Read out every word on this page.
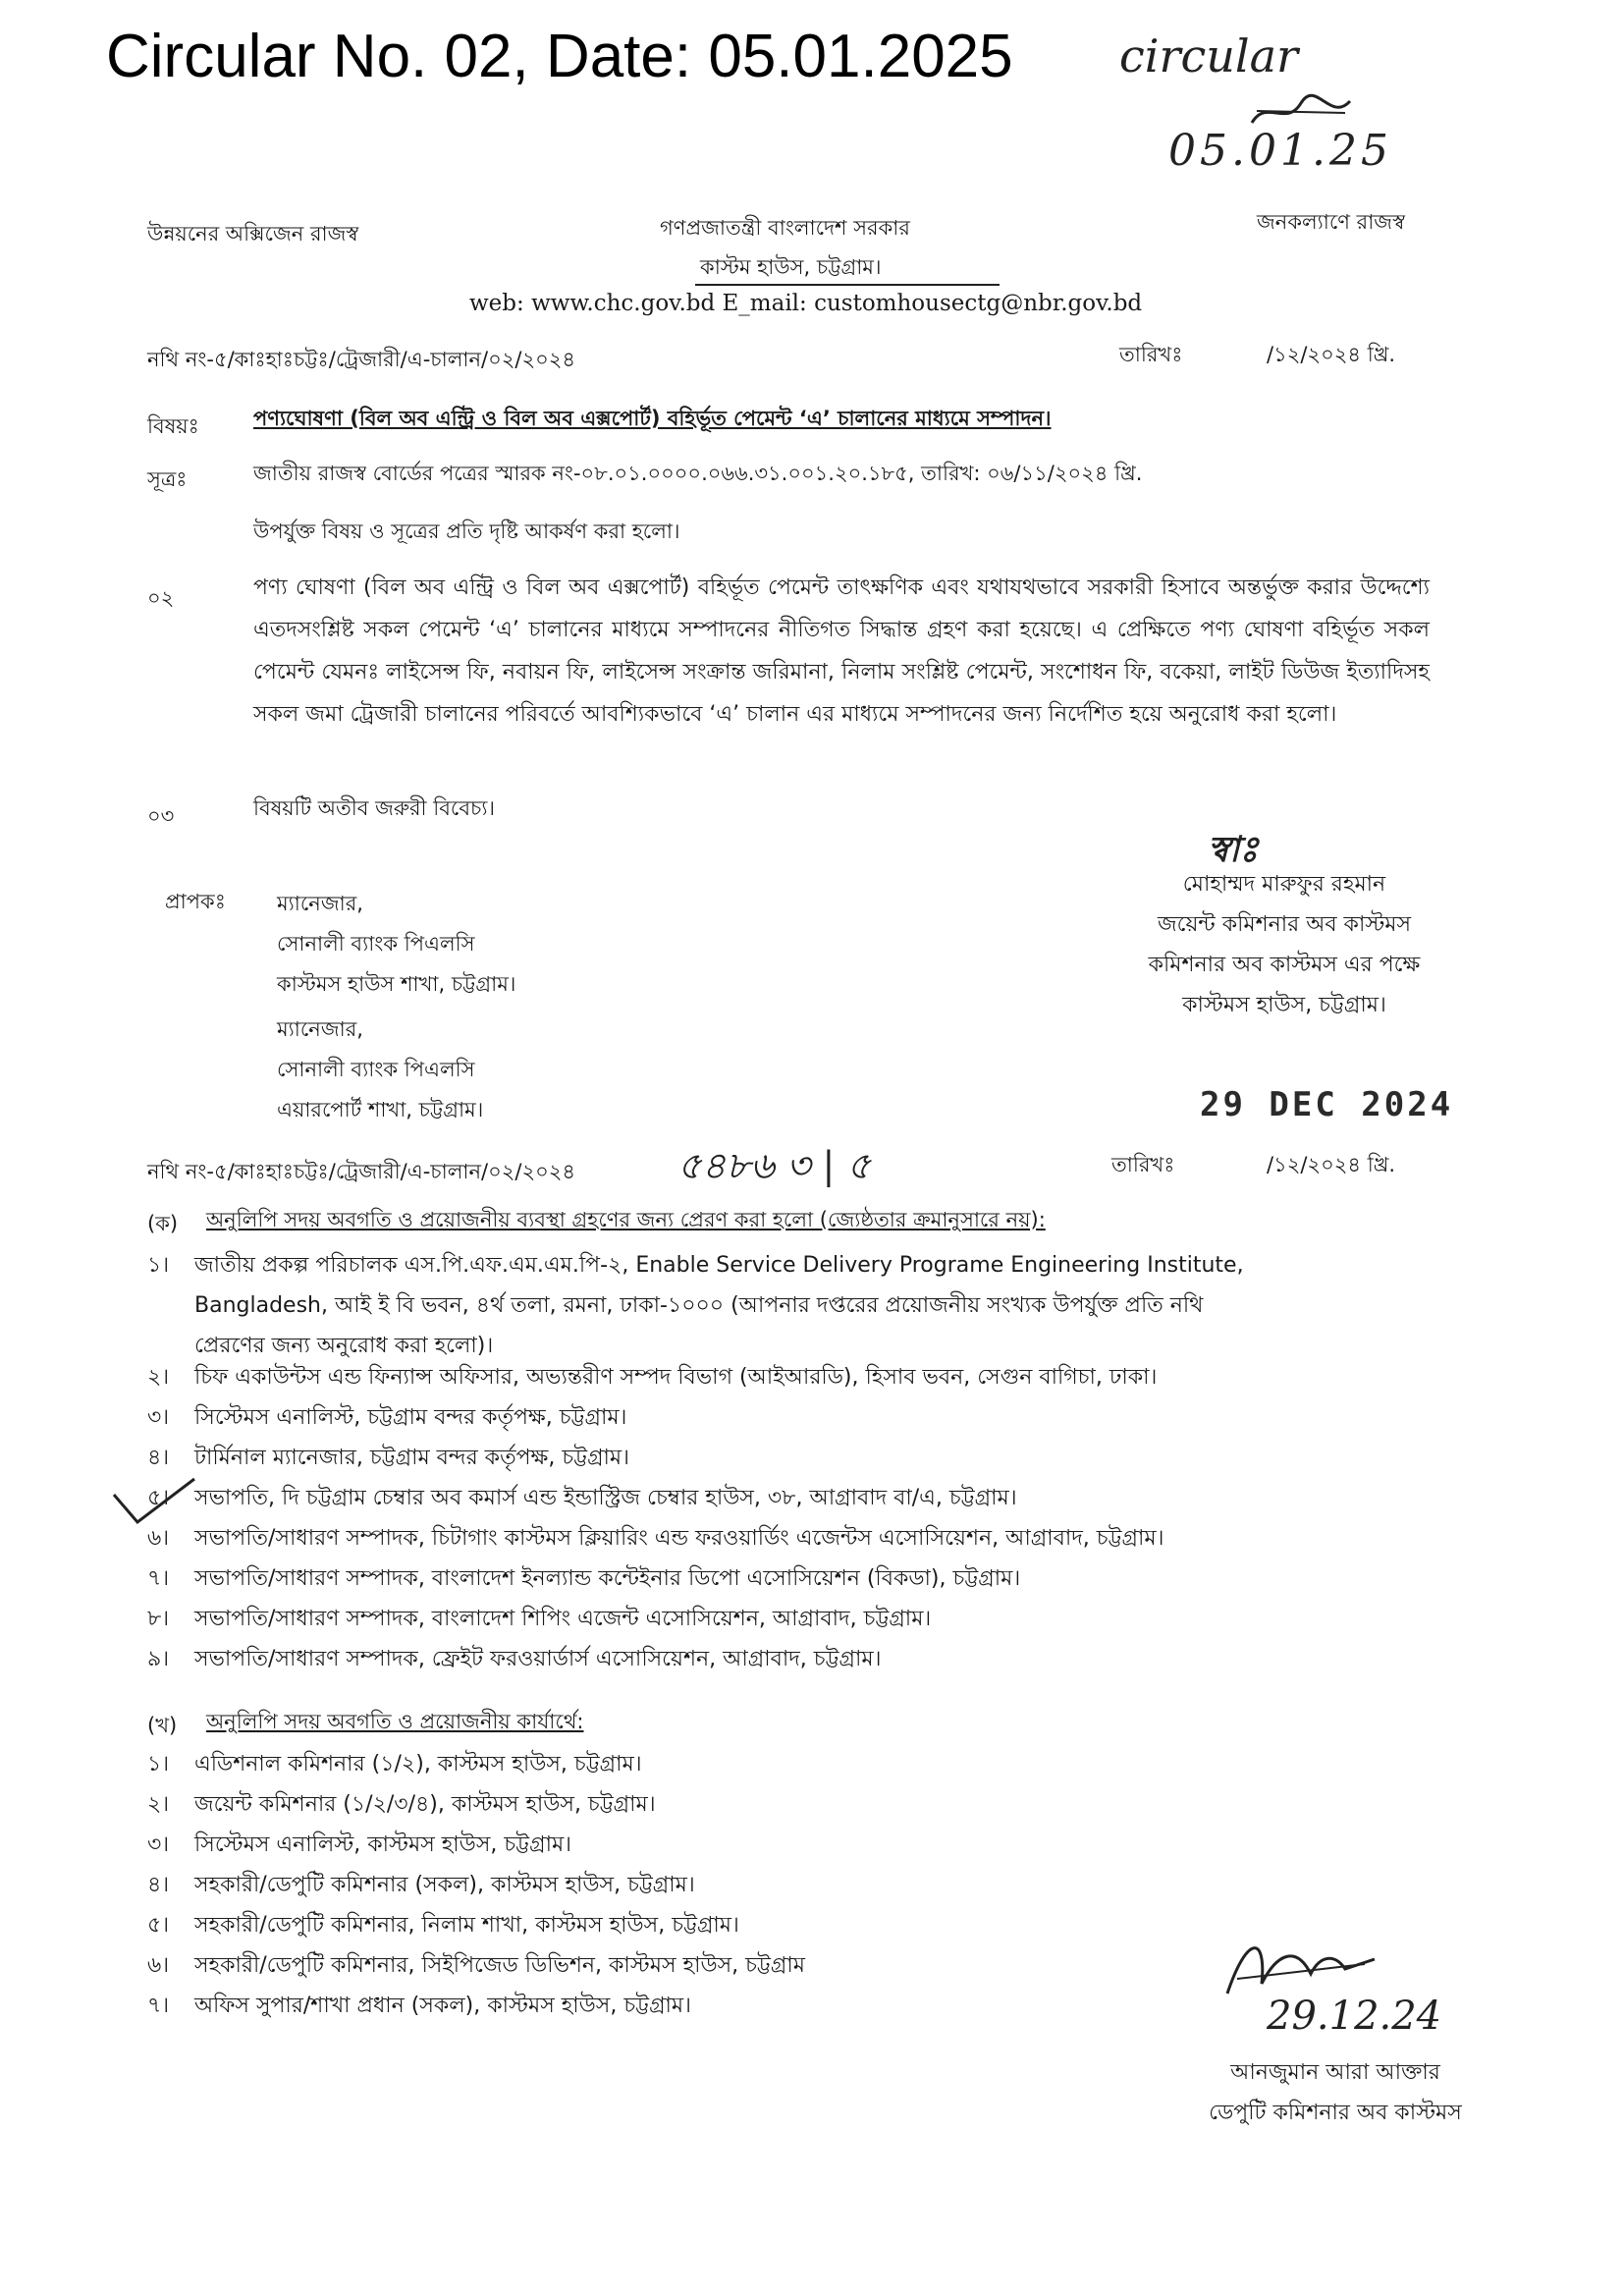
Circular No. 02, Date: 05.01.2025 circular
05.01.25
উন্নয়নের অক্সিজেন রাজস্ব	গণপ্রজাতন্ত্রী বাংলাদেশ সরকার	জনকল্যাণে রাজস্ব
কাস্টম হাউস, চট্টগ্রাম।
web: www.chc.gov.bd E_mail: customhousectg@nbr.gov.bd
নথি নং-৫/কাঃহাঃচট্টঃ/ট্রেজারী/এ-চালান/০২/২০২৪	তারিখঃ	/১২/২০২৪ খ্রি.
বিষয়ঃ	পণ্যঘোষণা (বিল অব এন্ট্রি ও বিল অব এক্সপোর্ট) বহির্ভূত পেমেন্ট ‘এ’ চালানের মাধ্যমে সম্পাদন।
সূত্রঃ	জাতীয় রাজস্ব বোর্ডের পত্রের স্মারক নং-০৮.০১.০০০০.০৬৬.৩১.০০১.২০.১৮৫, তারিখ: ০৬/১১/২০২৪ খ্রি.
উপর্যুক্ত বিষয় ও সূত্রের প্রতি দৃষ্টি আকর্ষণ করা হলো।
০২	পণ্য ঘোষণা (বিল অব এন্ট্রি ও বিল অব এক্সপোর্ট) বহির্ভূত পেমেন্ট তাৎক্ষণিক এবং যথাযথভাবে সরকারী হিসাবে অন্তর্ভুক্ত করার উদ্দেশ্যে এতদসংশ্লিষ্ট সকল পেমেন্ট ‘এ’ চালানের মাধ্যমে সম্পাদনের নীতিগত সিদ্ধান্ত গ্রহণ করা হয়েছে। এ প্রেক্ষিতে পণ্য ঘোষণা বহির্ভূত সকল পেমেন্ট যেমনঃ লাইসেন্স ফি, নবায়ন ফি, লাইসেন্স সংক্রান্ত জরিমানা, নিলাম সংশ্লিষ্ট পেমেন্ট, সংশোধন ফি, বকেয়া, লাইট ডিউজ ইত্যাদিসহ সকল জমা ট্রেজারী চালানের পরিবর্তে আবশ্যিকভাবে ‘এ’ চালান এর মাধ্যমে সম্পাদনের জন্য নির্দেশিত হয়ে অনুরোধ করা হলো।
০৩	বিষয়টি অতীব জরুরী বিবেচ্য।
স্বাঃ
প্রাপকঃ ম্যানেজার,
সোনালী ব্যাংক পিএলসি
কাস্টমস হাউস শাখা, চট্টগ্রাম।
ম্যানেজার,
সোনালী ব্যাংক পিএলসি
এয়ারপোর্ট শাখা, চট্টগ্রাম।
মোহাম্মদ মারুফুর রহমান
জয়েন্ট কমিশনার অব কাস্টমস
কমিশনার অব কাস্টমস এর পক্ষে
কাস্টমস হাউস, চট্টগ্রাম।
29 DEC 2024
নথি নং-৫/কাঃহাঃচট্টঃ/ট্রেজারী/এ-চালান/০২/২০২৪	৫৪৮৬ ৩ | ৫	তারিখঃ	/১২/২০২৪ খ্রি.
(ক) অনুলিপি সদয় অবগতি ও প্রয়োজনীয় ব্যবস্থা গ্রহণের জন্য প্রেরণ করা হলো (জ্যেষ্ঠতার ক্রমানুসারে নয়):
১। জাতীয় প্রকল্প পরিচালক এস.পি.এফ.এম.এম.পি-২, Enable Service Delivery Programe Engineering Institute,
Bangladesh, আই ই বি ভবন, ৪র্থ তলা, রমনা, ঢাকা-১০০০ (আপনার দপ্তরের প্রয়োজনীয় সংখ্যক উপর্যুক্ত প্রতি নথি
প্রেরণের জন্য অনুরোধ করা হলো)।
২। চিফ একাউন্টস এন্ড ফিন্যান্স অফিসার, অভ্যন্তরীণ সম্পদ বিভাগ (আইআরডি), হিসাব ভবন, সেগুন বাগিচা, ঢাকা।
৩। সিস্টেমস এনালিস্ট, চট্টগ্রাম বন্দর কর্তৃপক্ষ, চট্টগ্রাম।
৪। টার্মিনাল ম্যানেজার, চট্টগ্রাম বন্দর কর্তৃপক্ষ, চট্টগ্রাম।
৫। সভাপতি, দি চট্টগ্রাম চেম্বার অব কমার্স এন্ড ইন্ডাস্ট্রিজ চেম্বার হাউস, ৩৮, আগ্রাবাদ বা/এ, চট্টগ্রাম।
৬। সভাপতি/সাধারণ সম্পাদক, চিটাগাং কাস্টমস ক্লিয়ারিং এন্ড ফরওয়ার্ডিং এজেন্টস এসোসিয়েশন, আগ্রাবাদ, চট্টগ্রাম।
৭। সভাপতি/সাধারণ সম্পাদক, বাংলাদেশ ইনল্যান্ড কন্টেইনার ডিপো এসোসিয়েশন (বিকডা), চট্টগ্রাম।
৮। সভাপতি/সাধারণ সম্পাদক, বাংলাদেশ শিপিং এজেন্ট এসোসিয়েশন, আগ্রাবাদ, চট্টগ্রাম।
৯। সভাপতি/সাধারণ সম্পাদক, ফ্রেইট ফরওয়ার্ডার্স এসোসিয়েশন, আগ্রাবাদ, চট্টগ্রাম।
(খ) অনুলিপি সদয় অবগতি ও প্রয়োজনীয় কার্যার্থে:
১। এডিশনাল কমিশনার (১/২), কাস্টমস হাউস, চট্টগ্রাম।
২। জয়েন্ট কমিশনার (১/২/৩/৪), কাস্টমস হাউস, চট্টগ্রাম।
৩। সিস্টেমস এনালিস্ট, কাস্টমস হাউস, চট্টগ্রাম।
৪। সহকারী/ডেপুটি কমিশনার (সকল), কাস্টমস হাউস, চট্টগ্রাম।
৫। সহকারী/ডেপুটি কমিশনার, নিলাম শাখা, কাস্টমস হাউস, চট্টগ্রাম।
৬। সহকারী/ডেপুটি কমিশনার, সিইপিজেড ডিভিশন, কাস্টমস হাউস, চট্টগ্রাম
৭। অফিস সুপার/শাখা প্রধান (সকল), কাস্টমস হাউস, চট্টগ্রাম।	29.12.24
আনজুমান আরা আক্তার
ডেপুটি কমিশনার অব কাস্টমস
